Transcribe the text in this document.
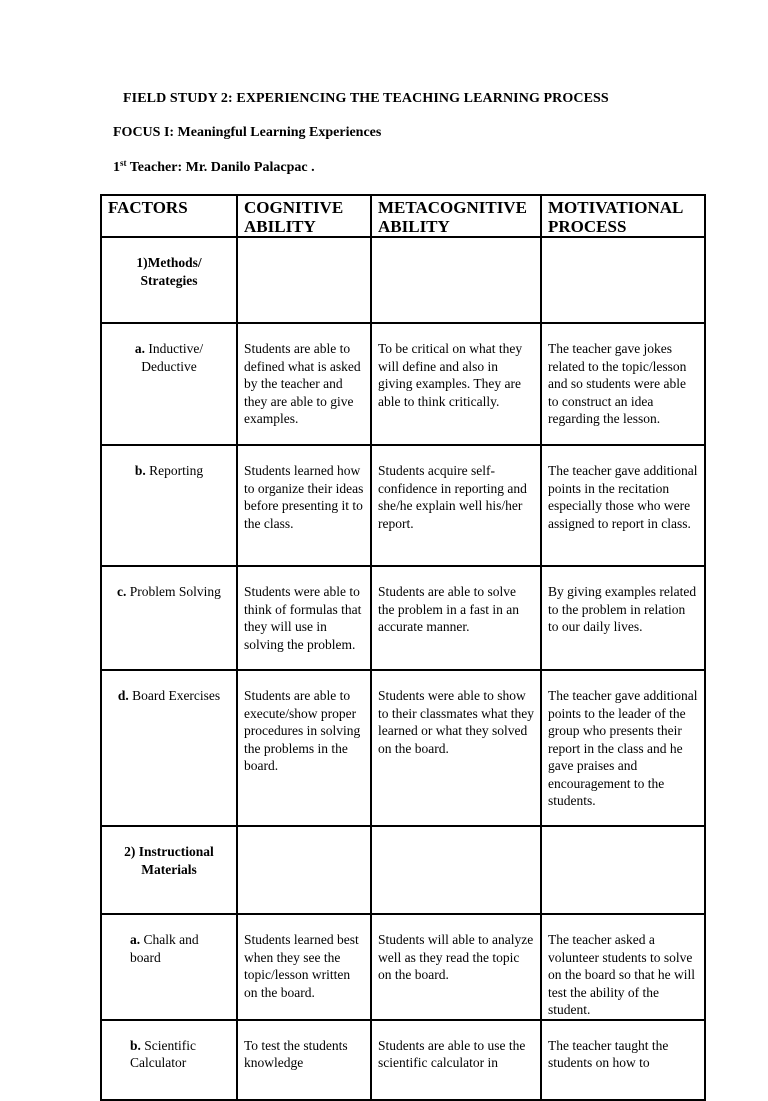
FIELD STUDY 2: EXPERIENCING THE TEACHING LEARNING PROCESS
FOCUS I: Meaningful Learning Experiences
1st Teacher: Mr. Danilo Palacpac .
FACTORS	COGNITIVE ABILITY	METACOGNITIVE ABILITY	MOTIVATIONAL PROCESS
1)Methods/ Strategies			
a. Inductive/ Deductive	Students are able to defined what is asked by the teacher and they are able to give examples.	To be critical on what they will define and also in giving examples. They are able to think critically.	The teacher gave jokes related to the topic/lesson and so students were able to construct an idea regarding the lesson.
b. Reporting	Students learned how to organize their ideas before presenting it to the class.	Students acquire self-confidence in reporting and she/he explain well his/her report.	The teacher gave additional points in the recitation especially those who were assigned to report in class.
c. Problem Solving	Students were able to think of formulas that they will use in solving the problem.	Students are able to solve the problem in a fast in an accurate manner.	By giving examples related to the problem in relation to our daily lives.
d. Board Exercises	Students are able to execute/show proper procedures in solving the problems in the board.	Students were able to show to their classmates what they learned or what they solved on the board.	The teacher gave additional points to the leader of the group who presents their report in the class and he gave praises and encouragement to the students.
2) Instructional Materials			
a. Chalk and board	Students learned best when they see the topic/lesson written on the board.	Students will able to analyze well as they read the topic on the board.	The teacher asked a volunteer students to solve on the board so that he will test the ability of the student.
b. Scientific Calculator	To test the students knowledge	Students are able to use the scientific calculator in	The teacher taught the students on how to
